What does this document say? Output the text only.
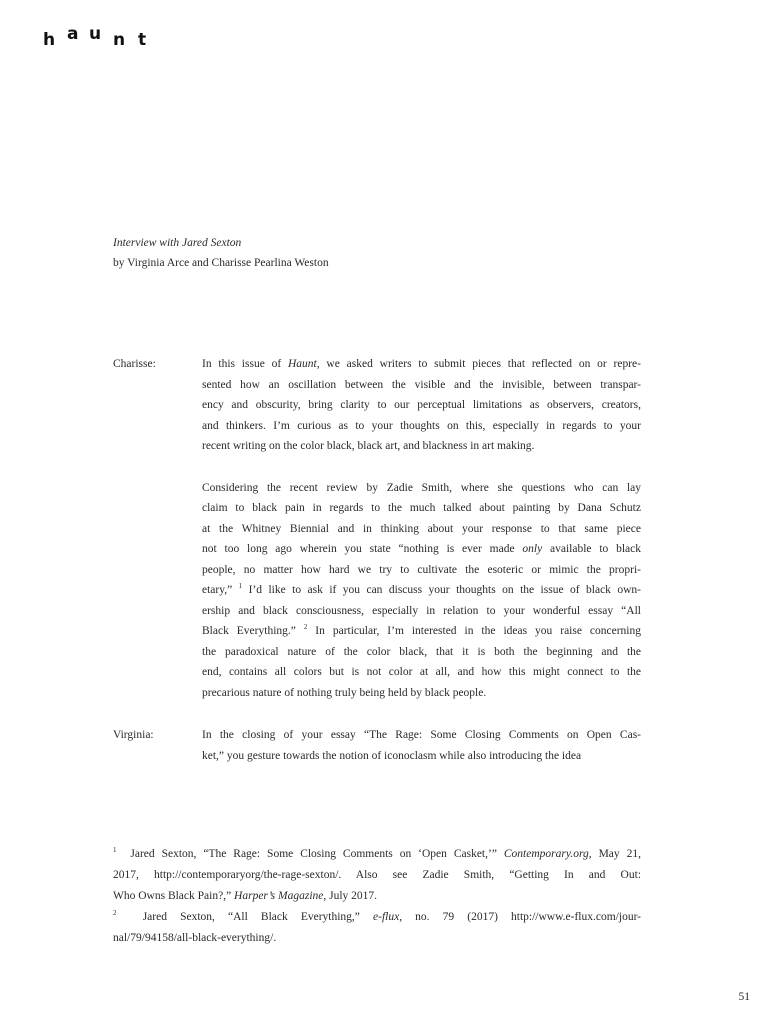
h a u n t
Interview with Jared Sexton
by Virginia Arce and Charisse Pearlina Weston
Charisse:	In this issue of Haunt, we asked writers to submit pieces that reflected on or repre-
sented how an oscillation between the visible and the invisible, between transpar-
ency and obscurity, bring clarity to our perceptual limitations as observers, creators,
and thinkers. I’m curious as to your thoughts on this, especially in regards to your
recent writing on the color black, black art, and blackness in art making.
Considering the recent review by Zadie Smith, where she questions who can lay
claim to black pain in regards to the much talked about painting by Dana Schutz
at the Whitney Biennial and in thinking about your response to that same piece
not too long ago wherein you state “nothing is ever made only available to black
people, no matter how hard we try to cultivate the esoteric or mimic the propri-
etary,” $^1$ I’d like to ask if you can discuss your thoughts on the issue of black own-
ership and black consciousness, especially in relation to your wonderful essay “All
Black Everything.” $^2$ In particular, I’m interested in the ideas you raise concerning
the paradoxical nature of the color black, that it is both the beginning and the
end, contains all colors but is not color at all, and how this might connect to the
precarious nature of nothing truly being held by black people.
Virginia:	In the closing of your essay “The Rage: Some Closing Comments on Open Cas-
ket,” you gesture towards the notion of iconoclasm while also introducing the idea
$^1$  Jared Sexton, “The Rage: Some Closing Comments on ‘Open Casket,’” Contemporary.org, May 21,
2017, http://contemporaryorg/the-rage-sexton/. Also see Zadie Smith, “Getting In and Out:
Who Owns Black Pain?,” Harper’s Magazine, July 2017.
$^2$  Jared Sexton, “All Black Everything,” e-flux, no. 79 (2017) http://www.e-flux.com/jour-
nal/79/94158/all-black-everything/.
51
